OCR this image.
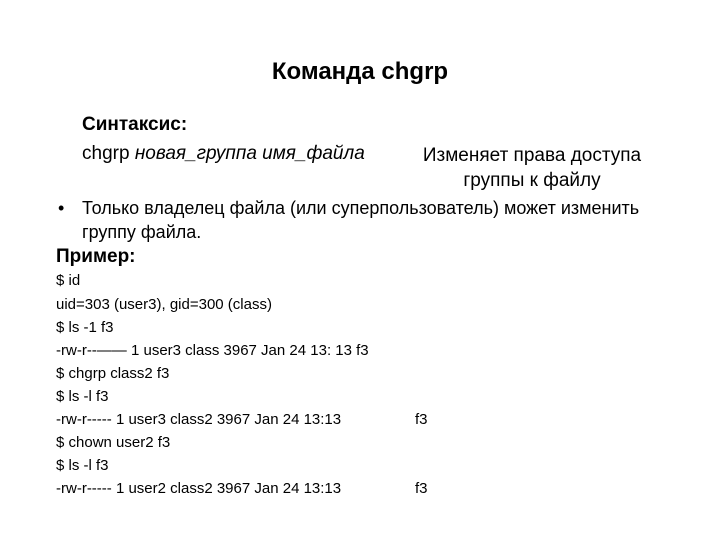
Команда chgrp
Синтаксис:
chgrp новая_группа имя_файла	Изменяет права доступа
группы к файлу
• Только владелец файла (или суперпользователь) может изменить группу файла.
Пример:
$ id
uid=303 (user3), gid=300 (class)
$ ls -1 f3
-rw-r--—— 1 user3 class 3967 Jan 24 13: 13 f3
$ chgrp class2 f3
$ ls -l f3
-rw-r----- 1 user3 class2 3967 Jan 24 13:13	f3
$ chown user2 f3
$ ls -l f3
-rw-r----- 1 user2 class2 3967 Jan 24 13:13	f3
